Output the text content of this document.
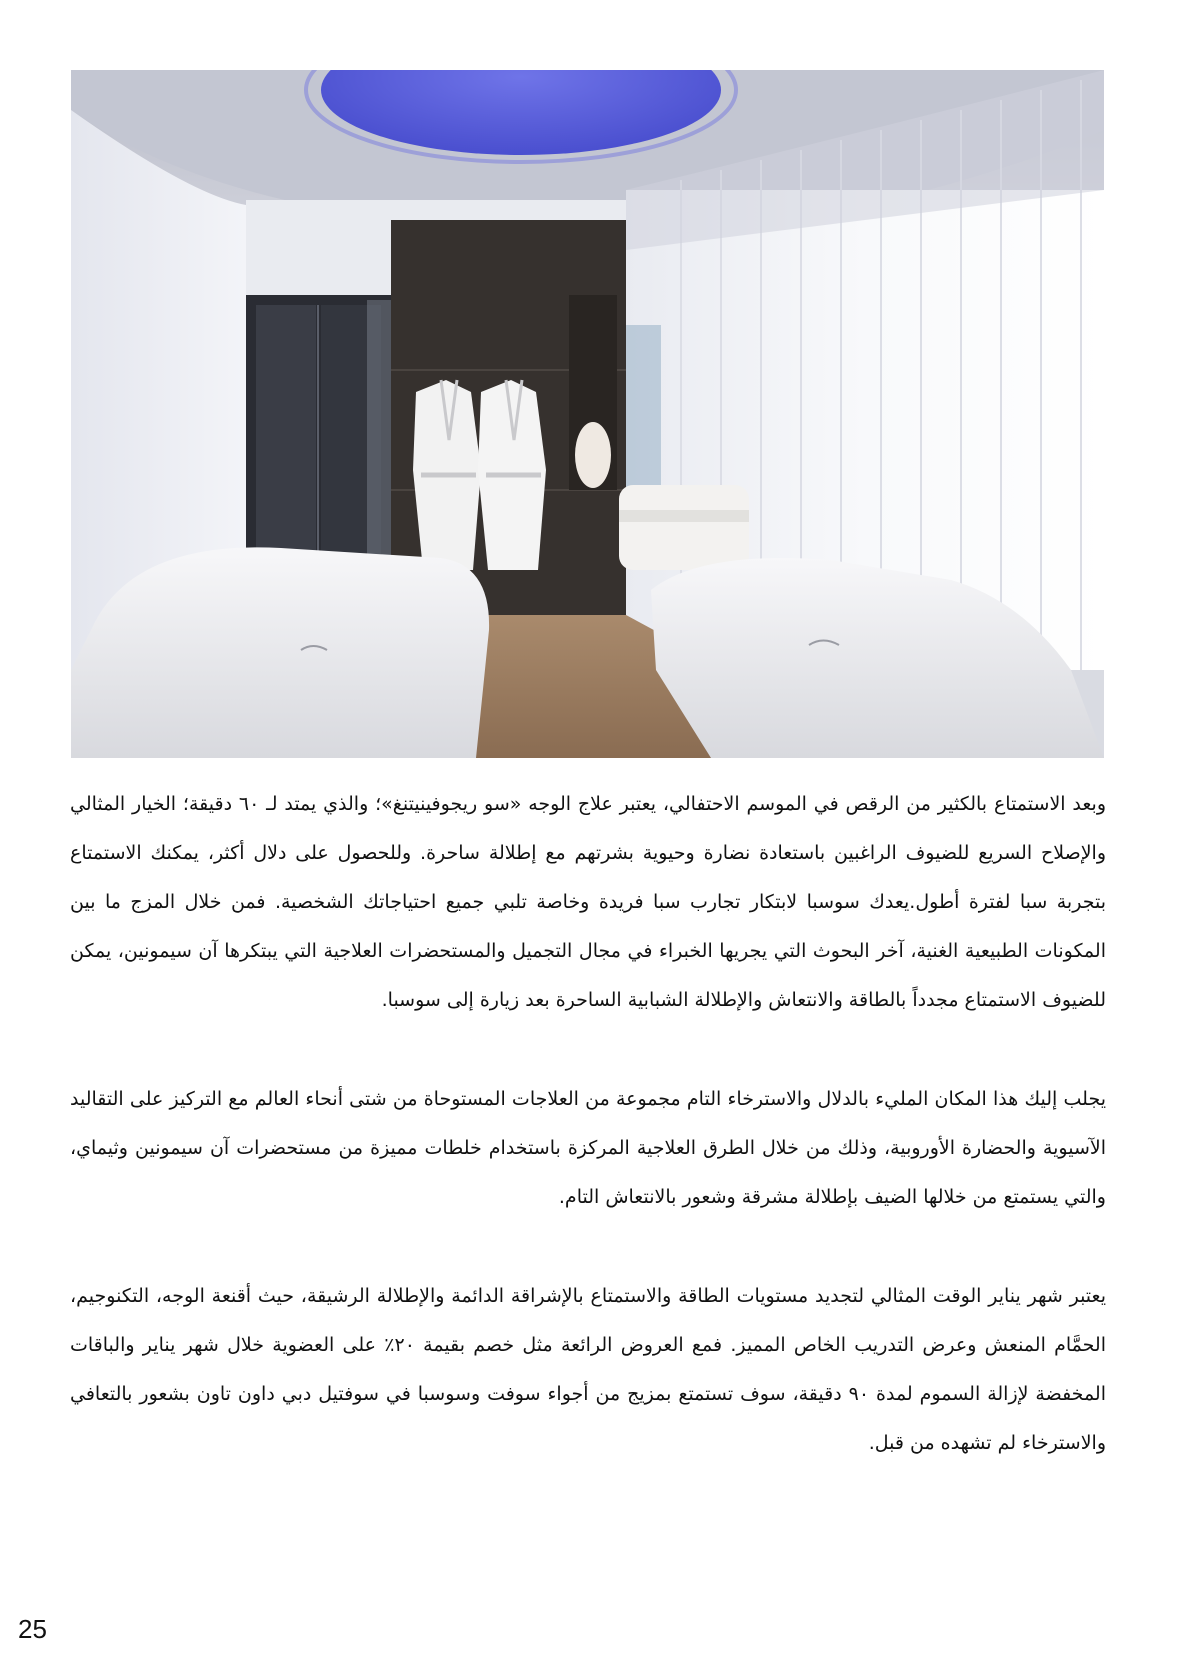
وبعد الاستمتاع بالكثير من الرقص في الموسم الاحتفالي، يعتبر علاج الوجه «سو ريجوفينيتنغ»؛ والذي يمتد لـ ٦٠ دقيقة؛ الخيار المثالي والإصلاح السريع للضيوف الراغبين باستعادة نضارة وحيوية بشرتهم مع إطلالة ساحرة. وللحصول على دلال أكثر، يمكنك الاستمتاع بتجربة سبا لفترة أطول.يعدك سوسبا لابتكار تجارب سبا فريدة وخاصة تلبي جميع احتياجاتك الشخصية. فمن خلال المزج ما بين المكونات الطبيعية الغنية، آخر البحوث التي يجريها الخبراء في مجال التجميل والمستحضرات العلاجية التي يبتكرها آن سيمونين، يمكن للضيوف الاستمتاع مجدداً بالطاقة والانتعاش والإطلالة الشبابية الساحرة بعد زيارة إلى سوسبا.

يجلب إليك هذا المكان المليء بالدلال والاسترخاء التام مجموعة من العلاجات المستوحاة من شتى أنحاء العالم مع التركيز على التقاليد الآسيوية والحضارة الأوروبية، وذلك من خلال الطرق العلاجية المركزة باستخدام خلطات مميزة من مستحضرات آن سيمونين وثيماي، والتي يستمتع من خلالها الضيف بإطلالة مشرقة وشعور بالانتعاش التام.

يعتبر شهر يناير الوقت المثالي لتجديد مستويات الطاقة والاستمتاع بالإشراقة الدائمة والإطلالة الرشيقة، حيث أقنعة الوجه، التكنوجيم، الحمَّام المنعش وعرض التدريب الخاص المميز. فمع العروض الرائعة مثل خصم بقيمة ٢٠٪ على العضوية خلال شهر يناير والباقات المخفضة لإزالة السموم لمدة ٩٠ دقيقة، سوف تستمتع بمزيج من أجواء سوفت وسوسبا في سوفتيل دبي داون تاون بشعور بالتعافي والاسترخاء لم تشهده من قبل.

25
